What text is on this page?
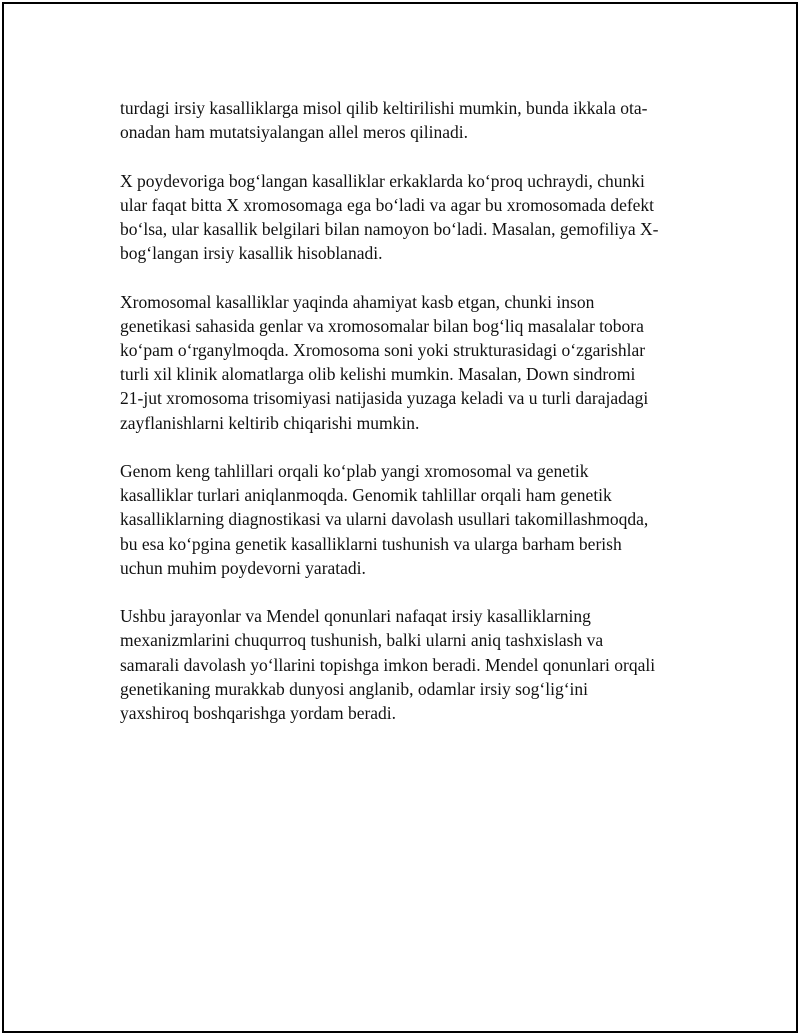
turdagi irsiy kasalliklarga misol qilib keltirilishi mumkin, bunda ikkala ota-
onadan ham mutatsiyalangan allel meros qilinadi.

X poydevoriga bog‘langan kasalliklar erkaklarda ko‘proq uchraydi, chunki
ular faqat bitta X xromosomaga ega bo‘ladi va agar bu xromosomada defekt
bo‘lsa, ular kasallik belgilari bilan namoyon bo‘ladi. Masalan, gemofiliya X-
bog‘langan irsiy kasallik hisoblanadi.

Xromosomal kasalliklar yaqinda ahamiyat kasb etgan, chunki inson
genetikasi sahasida genlar va xromosomalar bilan bog‘liq masalalar tobora
ko‘pam o‘rganylmoqda. Xromosoma soni yoki strukturasidagi o‘zgarishlar
turli xil klinik alomatlarga olib kelishi mumkin. Masalan, Down sindromi
21-jut xromosoma trisomiyasi natijasida yuzaga keladi va u turli darajadagi
zayflanishlarni keltirib chiqarishi mumkin.

Genom keng tahlillari orqali ko‘plab yangi xromosomal va genetik
kasalliklar turlari aniqlanmoqda. Genomik tahlillar orqali ham genetik
kasalliklarning diagnostikasi va ularni davolash usullari takomillashmoqda,
bu esa ko‘pgina genetik kasalliklarni tushunish va ularga barham berish
uchun muhim poydevorni yaratadi.

Ushbu jarayonlar va Mendel qonunlari nafaqat irsiy kasalliklarning
mexanizmlarini chuqurroq tushunish, balki ularni aniq tashxislash va
samarali davolash yo‘llarini topishga imkon beradi. Mendel qonunlari orqali
genetikaning murakkab dunyosi anglanib, odamlar irsiy sog‘lig‘ini
yaxshiroq boshqarishga yordam beradi.
